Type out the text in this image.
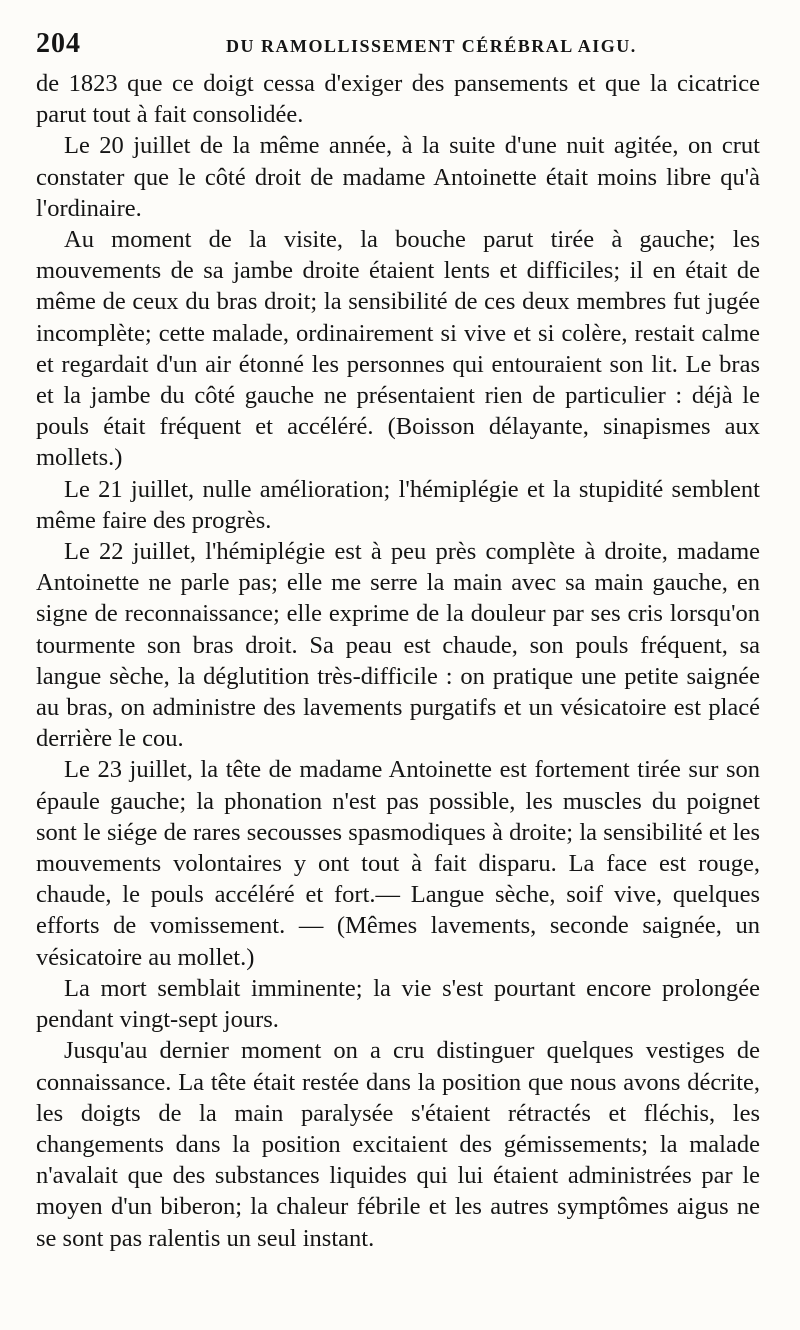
204	DU RAMOLLISSEMENT CÉRÉBRAL AIGU.

de 1823 que ce doigt cessa d'exiger des pansements et que la cicatrice parut tout à fait consolidée.

Le 20 juillet de la même année, à la suite d'une nuit agitée, on crut constater que le côté droit de madame Antoinette était moins libre qu'à l'ordinaire.

Au moment de la visite, la bouche parut tirée à gauche; les mouvements de sa jambe droite étaient lents et difficiles; il en était de même de ceux du bras droit; la sensibilité de ces deux membres fut jugée incomplète; cette malade, ordinairement si vive et si colère, restait calme et regardait d'un air étonné les personnes qui entouraient son lit. Le bras et la jambe du côté gauche ne présentaient rien de particulier : déjà le pouls était fréquent et accéléré. (Boisson délayante, sinapismes aux mollets.)

Le 21 juillet, nulle amélioration; l'hémiplégie et la stupidité semblent même faire des progrès.

Le 22 juillet, l'hémiplégie est à peu près complète à droite, madame Antoinette ne parle pas; elle me serre la main avec sa main gauche, en signe de reconnaissance; elle exprime de la douleur par ses cris lorsqu'on tourmente son bras droit. Sa peau est chaude, son pouls fréquent, sa langue sèche, la déglutition très-difficile : on pratique une petite saignée au bras, on administre des lavements purgatifs et un vésicatoire est placé derrière le cou.

Le 23 juillet, la tête de madame Antoinette est fortement tirée sur son épaule gauche; la phonation n'est pas possible, les muscles du poignet sont le siége de rares secousses spasmodiques à droite; la sensibilité et les mouvements volontaires y ont tout à fait disparu. La face est rouge, chaude, le pouls accéléré et fort.— Langue sèche, soif vive, quelques efforts de vomissement. — (Mêmes lavements, seconde saignée, un vésicatoire au mollet.)

La mort semblait imminente; la vie s'est pourtant encore prolongée pendant vingt-sept jours.

Jusqu'au dernier moment on a cru distinguer quelques vestiges de connaissance. La tête était restée dans la position que nous avons décrite, les doigts de la main paralysée s'étaient rétractés et fléchis, les changements dans la position excitaient des gémissements; la malade n'avalait que des substances liquides qui lui étaient administrées par le moyen d'un biberon; la chaleur fébrile et les autres symptômes aigus ne se sont pas ralentis un seul instant.
